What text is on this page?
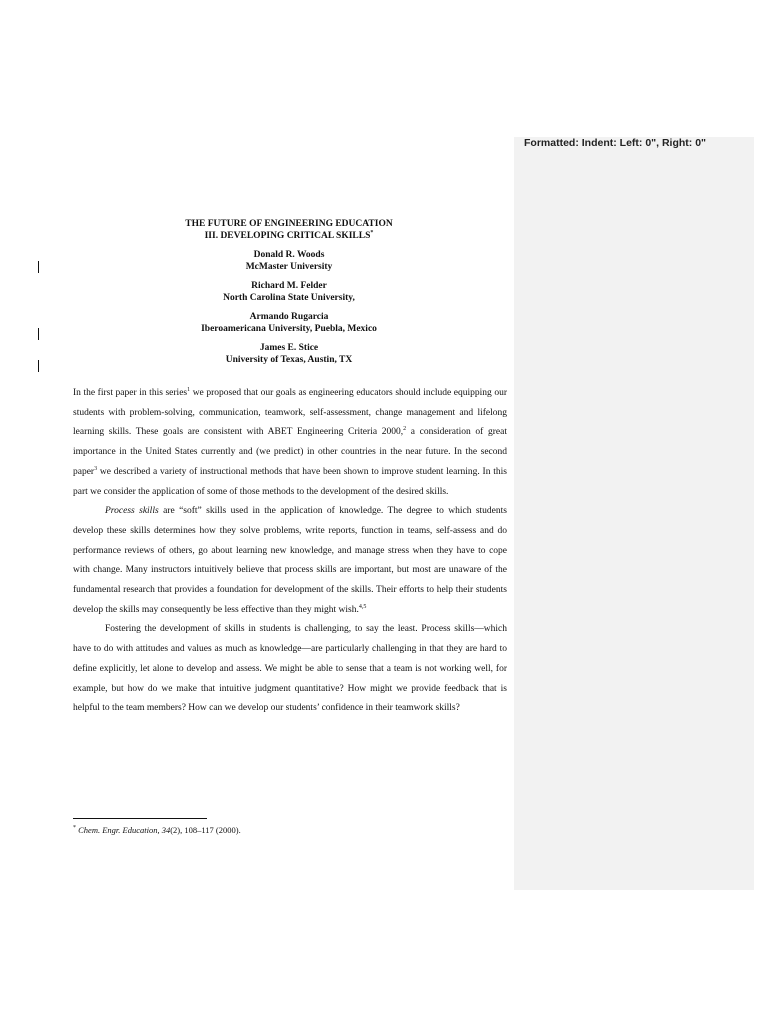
Formatted: Indent: Left: 0", Right: 0"
THE FUTURE OF ENGINEERING EDUCATION
III. DEVELOPING CRITICAL SKILLS*
Donald R. Woods
McMaster University
Richard M. Felder
North Carolina State University,
Armando Rugarcia
Iberoamericana University, Puebla, Mexico
James E. Stice
University of Texas, Austin, TX

In the first paper in this series$^1$ we proposed that our goals as engineering educators should include equipping our students with problem-solving, communication, teamwork, self-assessment, change management and lifelong learning skills. These goals are consistent with ABET Engineering Criteria 2000,$^2$ a consideration of great importance in the United States currently and (we predict) in other countries in the near future. In the second paper$^3$ we described a variety of instructional methods that have been shown to improve student learning. In this part we consider the application of some of those methods to the development of the desired skills.

Process skills are “soft” skills used in the application of knowledge. The degree to which students develop these skills determines how they solve problems, write reports, function in teams, self-assess and do performance reviews of others, go about learning new knowledge, and manage stress when they have to cope with change. Many instructors intuitively believe that process skills are important, but most are unaware of the fundamental research that provides a foundation for development of the skills. Their efforts to help their students develop the skills may consequently be less effective than they might wish.$^{4,5}$

Fostering the development of skills in students is challenging, to say the least. Process skills—which have to do with attitudes and values as much as knowledge—are particularly challenging in that they are hard to define explicitly, let alone to develop and assess. We might be able to sense that a team is not working well, for example, but how do we make that intuitive judgment quantitative? How might we provide feedback that is helpful to the team members? How can we develop our students’ confidence in their teamwork skills?

* Chem. Engr. Education, 34(2), 108–117 (2000).
